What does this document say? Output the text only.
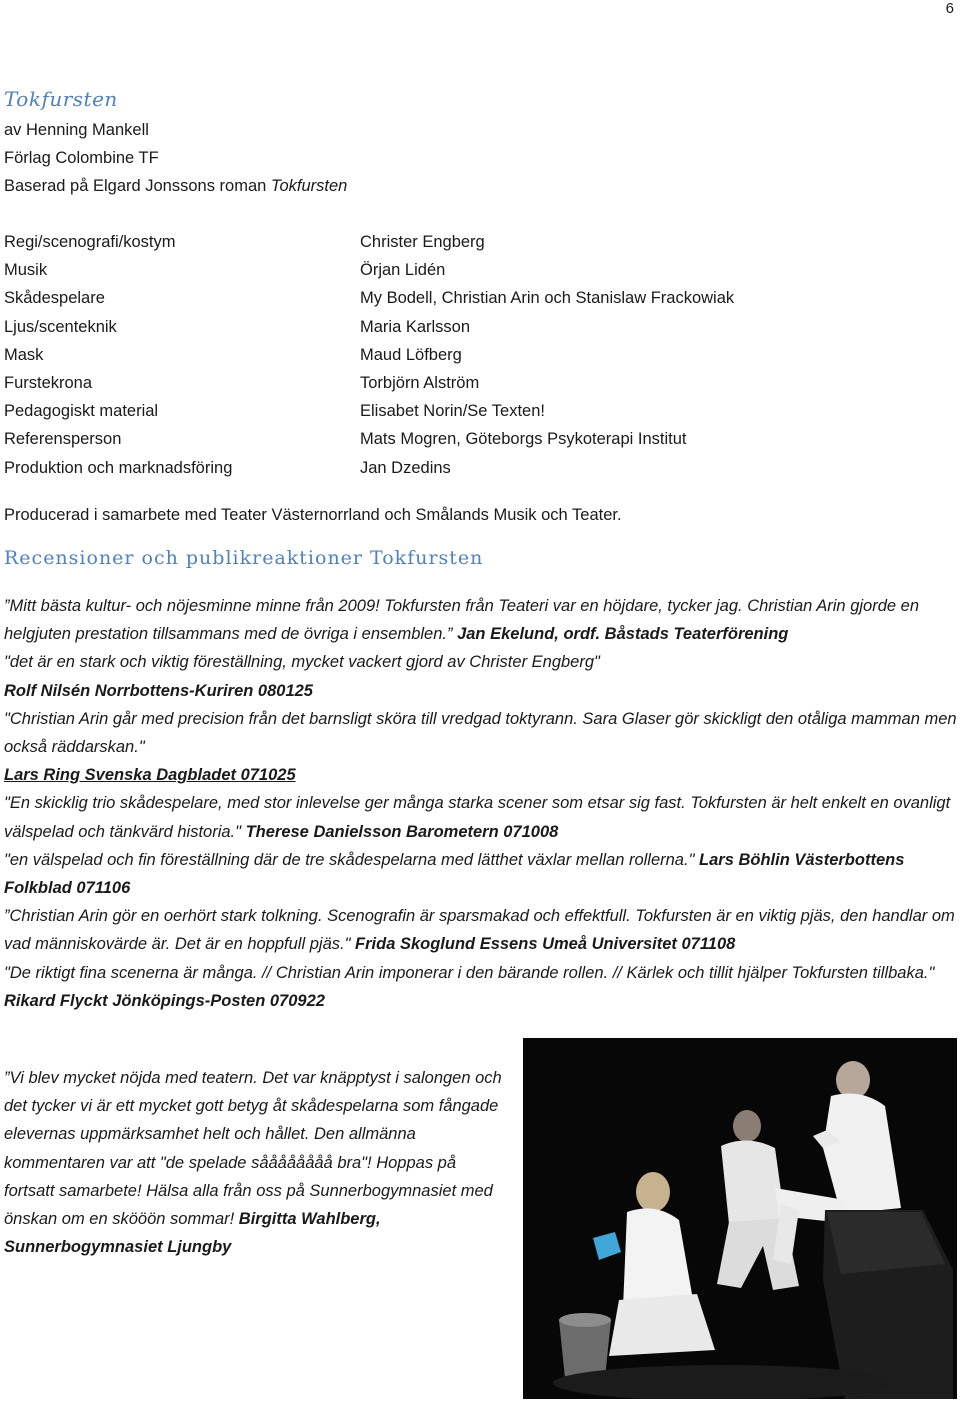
6
Tokfursten
av Henning Mankell
Förlag Colombine TF
Baserad på Elgard Jonssons roman Tokfursten
Regi/scenografi/kostym	Christer Engberg
Musik	Örjan Lidén
Skådespelare	My Bodell, Christian Arin och Stanislaw Frackowiak
Ljus/scenteknik	Maria Karlsson
Mask	Maud Löfberg
Furstekrona	Torbjörn Alström
Pedagogiskt material	Elisabet Norin/Se Texten!
Referensperson	Mats Mogren, Göteborgs Psykoterapi Institut
Produktion och marknadsföring	Jan Dzedins
Producerad i samarbete med Teater Västernorrland och Smålands Musik och Teater.
Recensioner och publikreaktioner Tokfursten

”Mitt bästa kultur- och nöjesminne minne från 2009! Tokfursten från Teateri var en höjdare, tycker jag. Christian Arin gjorde en helgjuten prestation tillsammans med de övriga i ensemblen.” Jan Ekelund, ordf. Båstads Teaterförening

"det är en stark och viktig föreställning, mycket vackert gjord av Christer Engberg"

Rolf Nilsén Norrbottens-Kuriren 080125

"Christian Arin går med precision från det barnsligt sköra till vredgad toktyrann. Sara Glaser gör skickligt den otåliga mamman men också räddarskan."

Lars Ring Svenska Dagbladet 071025

"En skicklig trio skådespelare, med stor inlevelse ger många starka scener som etsar sig fast. Tokfursten är helt enkelt en ovanligt välspelad och tänkvärd historia." Therese Danielsson Barometern 071008

"en välspelad och fin föreställning där de tre skådespelarna med lätthet växlar mellan rollerna." Lars Böhlin Västerbottens Folkblad 071106

”Christian Arin gör en oerhört stark tolkning. Scenografin är sparsmakad och effektfull. Tokfursten är en viktig pjäs, den handlar om vad människovärde är. Det är en hoppfull pjäs." Frida Skoglund Essens Umeå Universitet 071108

"De riktigt fina scenerna är många. // Christian Arin imponerar i den bärande rollen. // Kärlek och tillit hjälper Tokfursten tillbaka."

Rikard Flyckt Jönköpings-Posten 070922

”Vi blev mycket nöjda med teatern. Det var knäpptyst i salongen och det tycker vi är ett mycket gott betyg åt skådespelarna som fångade elevernas uppmärksamhet helt och hållet. Den allmänna kommentaren var att "de spelade såååååååå bra"! Hoppas på fortsatt samarbete! Hälsa alla från oss på Sunnerbogymnasiet med önskan om en skööön sommar! Birgitta Wahlberg, Sunnerbogymnasiet Ljungby
